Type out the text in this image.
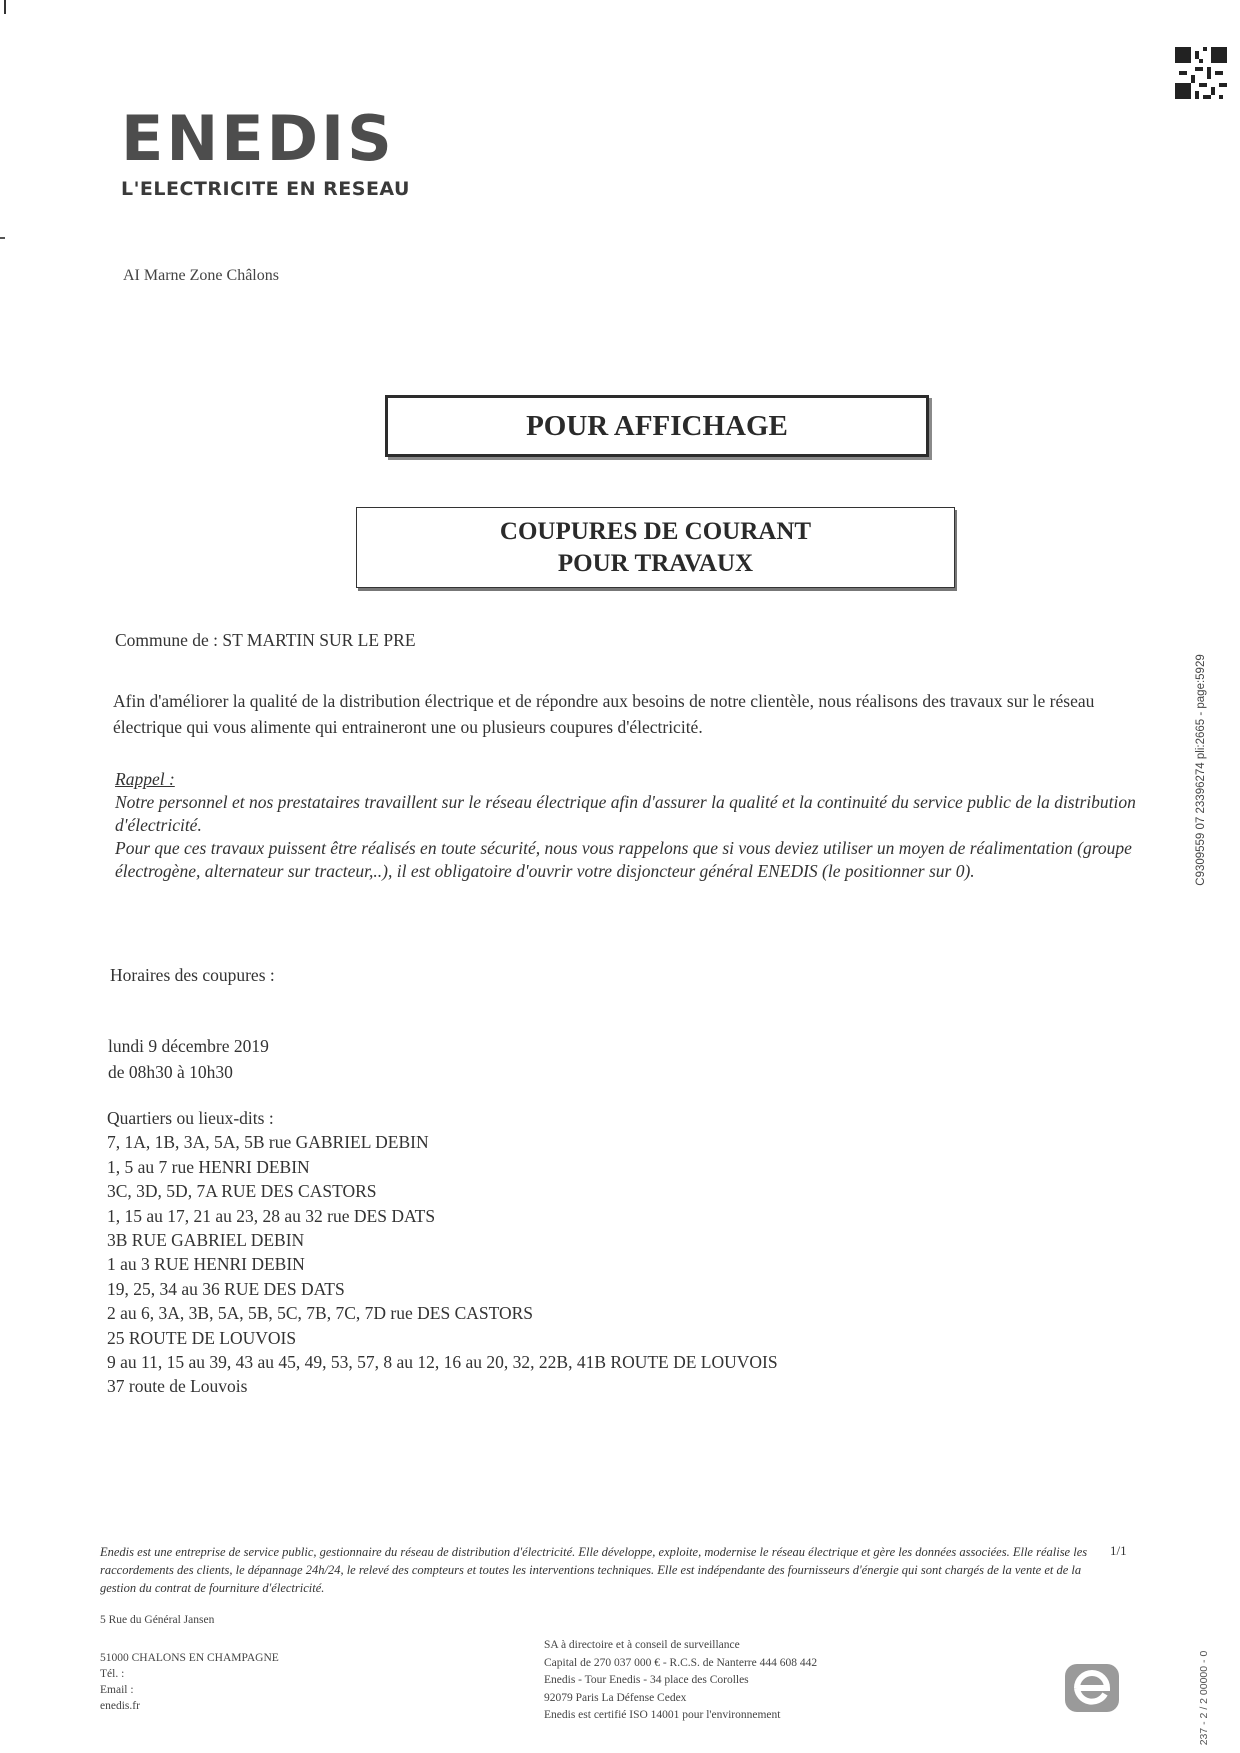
ENEDIS
L'ELECTRICITE EN RESEAU
AI Marne Zone Châlons
POUR AFFICHAGE
COUPURES DE COURANT
POUR TRAVAUX
Commune de : ST MARTIN SUR LE PRE
Afin d'améliorer la qualité de la distribution électrique et de répondre aux besoins de notre clientèle, nous réalisons des travaux sur le réseau électrique qui vous alimente qui entraineront une ou plusieurs coupures d'électricité.
Rappel :
Notre personnel et nos prestataires travaillent sur le réseau électrique afin d'assurer la qualité et la continuité du service public de la distribution d'électricité.
Pour que ces travaux puissent être réalisés en toute sécurité, nous vous rappelons que si vous deviez utiliser un moyen de réalimentation (groupe électrogène, alternateur sur tracteur,..), il est obligatoire d'ouvrir votre disjoncteur général ENEDIS (le positionner sur 0).
Horaires des coupures :
lundi 9 décembre 2019
de 08h30 à 10h30
Quartiers ou lieux-dits :
7, 1A, 1B, 3A, 5A, 5B rue GABRIEL DEBIN
1, 5 au 7 rue HENRI DEBIN
3C, 3D, 5D, 7A RUE DES CASTORS
1, 15 au 17, 21 au 23, 28 au 32 rue DES DATS
3B RUE GABRIEL DEBIN
1 au 3 RUE HENRI DEBIN
19, 25, 34 au 36 RUE DES DATS
2 au 6, 3A, 3B, 5A, 5B, 5C, 7B, 7C, 7D rue DES CASTORS
25 ROUTE DE LOUVOIS
9 au 11, 15 au 39, 43 au 45, 49, 53, 57, 8 au 12, 16 au 20, 32, 22B, 41B ROUTE DE LOUVOIS
37 route de Louvois
Enedis est une entreprise de service public, gestionnaire du réseau de distribution d'électricité. Elle développe, exploite, modernise le réseau électrique et gère les données associées. Elle réalise les raccordements des clients, le dépannage 24h/24, le relevé des compteurs et toutes les interventions techniques. Elle est indépendante des fournisseurs d'énergie qui sont chargés de la vente et de la gestion du contrat de fourniture d'électricité.
1/1
5 Rue du Général Jansen
51000 CHALONS EN CHAMPAGNE
Tél. :
Email :
enedis.fr
SA à directoire et à conseil de surveillance
Capital de 270 037 000 € - R.C.S. de Nanterre 444 608 442
Enedis - Tour Enedis - 34 place des Corolles
92079 Paris La Défense Cedex
Enedis est certifié ISO 14001 pour l'environnement
C9309559 07 23396274 pli:2665 - page:5929
237 - 2 / 2 00000 - 0
